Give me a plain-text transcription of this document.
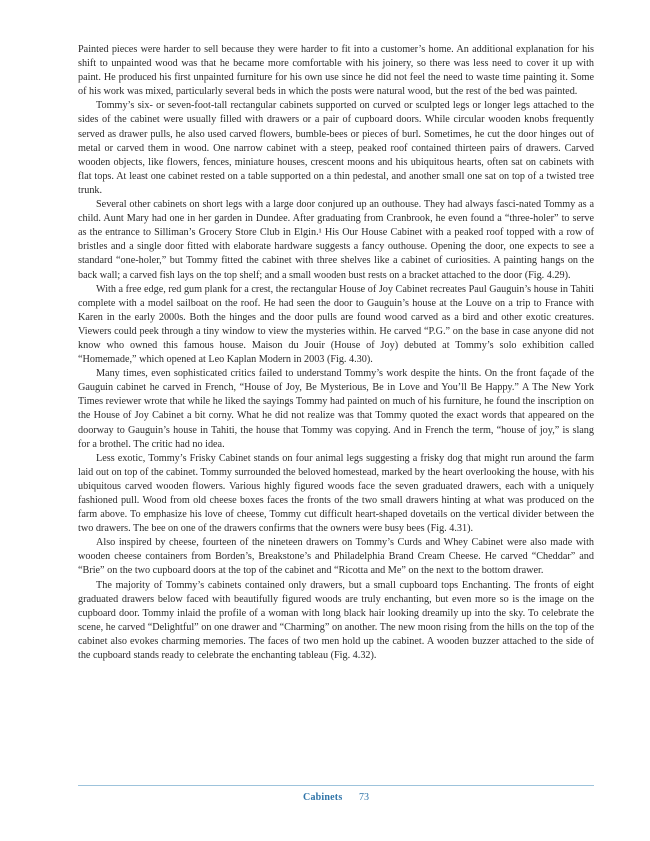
Painted pieces were harder to sell because they were harder to fit into a customer’s home. An additional explanation for his shift to unpainted wood was that he became more comfortable with his joinery, so there was less need to cover it up with paint. He produced his first unpainted furniture for his own use since he did not feel the need to waste time painting it. Some of his work was mixed, particularly several beds in which the posts were natural wood, but the rest of the bed was painted.

Tommy’s six- or seven-foot-tall rectangular cabinets supported on curved or sculpted legs or longer legs attached to the sides of the cabinet were usually filled with drawers or a pair of cupboard doors. While circular wooden knobs frequently served as drawer pulls, he also used carved flowers, bumble-bees or pieces of burl. Sometimes, he cut the door hinges out of metal or carved them in wood. One narrow cabinet with a steep, peaked roof contained thirteen pairs of drawers. Carved wooden objects, like flowers, fences, miniature houses, crescent moons and his ubiquitous hearts, often sat on cabinets with flat tops. At least one cabinet rested on a table supported on a thin pedestal, and another small one sat on top of a twisted tree trunk.

Several other cabinets on short legs with a large door conjured up an outhouse. They had always fasci-nated Tommy as a child. Aunt Mary had one in her garden in Dundee. After graduating from Cranbrook, he even found a “three-holer” to serve as the entrance to Silliman’s Grocery Store Club in Elgin.¹ His Our House Cabinet with a peaked roof topped with a row of bristles and a single door fitted with elaborate hardware suggests a fancy outhouse. Opening the door, one expects to see a standard “one-holer,” but Tommy fitted the cabinet with three shelves like a cabinet of curiosities. A painting hangs on the back wall; a carved fish lays on the top shelf; and a small wooden bust rests on a bracket attached to the door (Fig. 4.29).

With a free edge, red gum plank for a crest, the rectangular House of Joy Cabinet recreates Paul Gauguin’s house in Tahiti complete with a model sailboat on the roof. He had seen the door to Gauguin’s house at the Louve on a trip to France with Karen in the early 2000s. Both the hinges and the door pulls are found wood carved as a bird and other exotic creatures. Viewers could peek through a tiny window to view the mysteries within. He carved “P.G.” on the base in case anyone did not know who owned this famous house. Maison du Jouir (House of Joy) debuted at Tommy’s solo exhibition called “Homemade,” which opened at Leo Kaplan Modern in 2003 (Fig. 4.30).

Many times, even sophisticated critics failed to understand Tommy’s work despite the hints. On the front façade of the Gauguin cabinet he carved in French, “House of Joy, Be Mysterious, Be in Love and You’ll Be Happy.” A The New York Times reviewer wrote that while he liked the sayings Tommy had painted on much of his furniture, he found the inscription on the House of Joy Cabinet a bit corny. What he did not realize was that Tommy quoted the exact words that appeared on the doorway to Gauguin’s house in Tahiti, the house that Tommy was copying. And in French the term, “house of joy,” is slang for a brothel. The critic had no idea.

Less exotic, Tommy’s Frisky Cabinet stands on four animal legs suggesting a frisky dog that might run around the farm laid out on top of the cabinet. Tommy surrounded the beloved homestead, marked by the heart overlooking the house, with his ubiquitous carved wooden flowers. Various highly figured woods face the seven graduated drawers, each with a uniquely fashioned pull. Wood from old cheese boxes faces the fronts of the two small drawers hinting at what was produced on the farm above. To emphasize his love of cheese, Tommy cut difficult heart-shaped dovetails on the vertical divider between the two drawers. The bee on one of the drawers confirms that the owners were busy bees (Fig. 4.31).

Also inspired by cheese, fourteen of the nineteen drawers on Tommy’s Curds and Whey Cabinet were also made with wooden cheese containers from Borden’s, Breakstone’s and Philadelphia Brand Cream Cheese. He carved “Cheddar” and “Brie” on the two cupboard doors at the top of the cabinet and “Ricotta and Me” on the next to the bottom drawer.

The majority of Tommy’s cabinets contained only drawers, but a small cupboard tops Enchanting. The fronts of eight graduated drawers below faced with beautifully figured woods are truly enchanting, but even more so is the image on the cupboard door. Tommy inlaid the profile of a woman with long black hair looking dreamily up into the sky. To celebrate the scene, he carved “Delightful” on one drawer and “Charming” on another. The new moon rising from the hills on the top of the cabinet also evokes charming memories. The faces of two men hold up the cabinet. A wooden buzzer attached to the side of the cupboard stands ready to celebrate the enchanting tableau (Fig. 4.32).

Cabinets 73
